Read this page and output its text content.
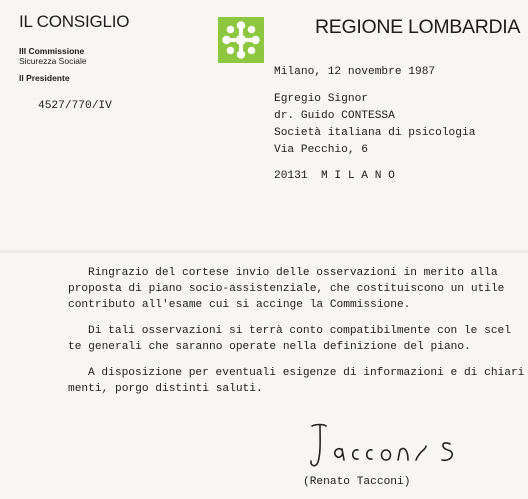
IL CONSIGLIO
III Commissione
Sicurezza Sociale
Il Presidente
REGIONE LOMBARDIA
4527/770/IV
Milano, 12 novembre 1987
Egregio Signor
dr. Guido CONTESSA
Società italiana di psicologia
Via Pecchio, 6
20131  M I L A N O
Ringrazio del cortese invio delle osservazioni in merito alla
proposta di piano socio-assistenziale, che costituiscono un utile
contributo all'esame cui si accinge la Commissione.
Di tali osservazioni si terrà conto compatibilmente con le scel
te generali che saranno operate nella definizione del piano.
A disposizione per eventuali esigenze di informazioni e di chiari
menti, porgo distinti saluti.
(Renato Tacconi)
